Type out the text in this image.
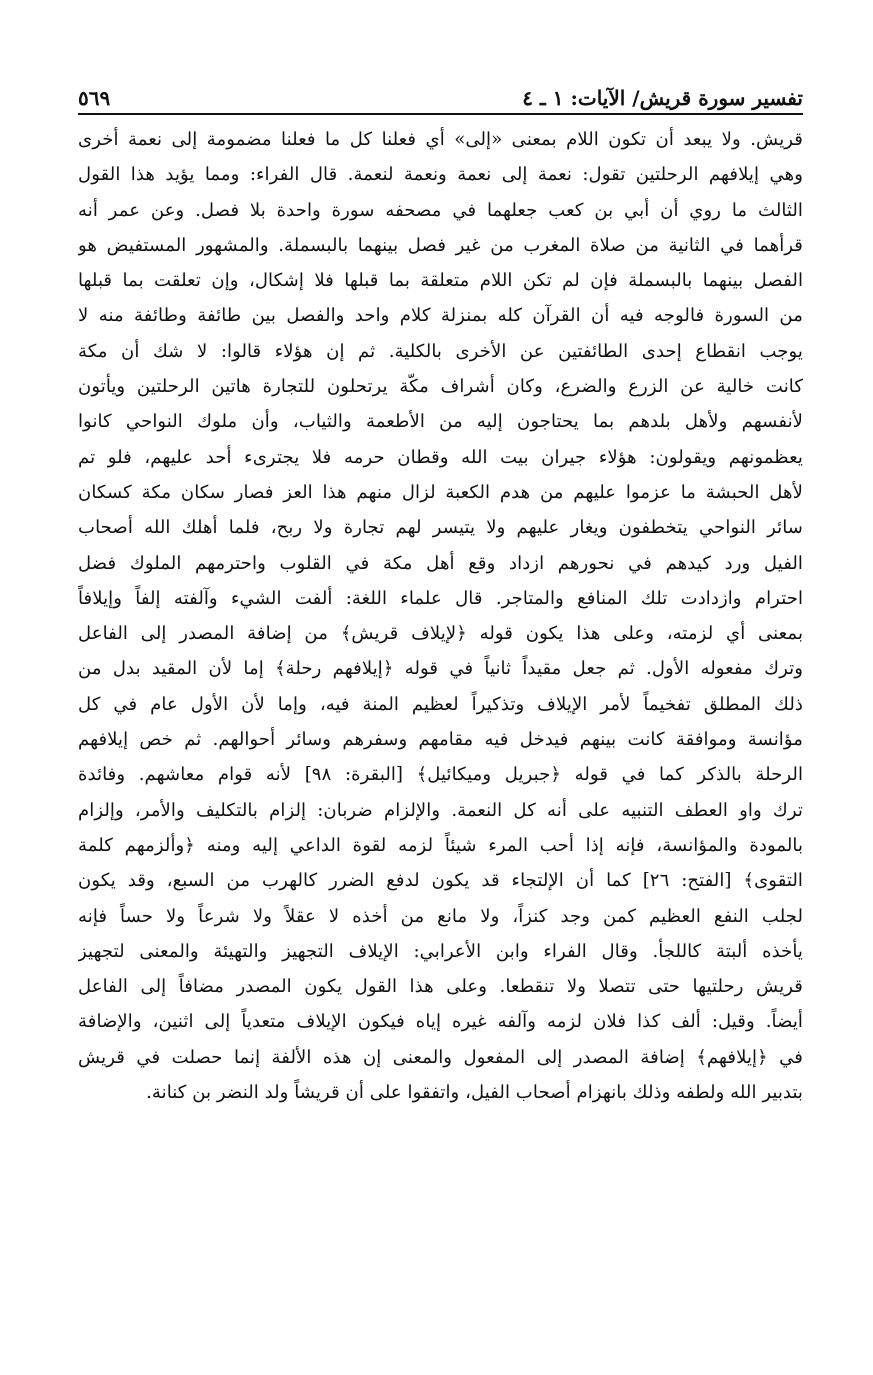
تفسير سورة قريش/ الآيات: ١ ـ ٤
٥٦٩
قريش. ولا يبعد أن تكون اللام بمعنى «إلى» أي فعلنا كل ما فعلنا مضمومة إلى نعمة أخرى
وهي إيلافهم الرحلتين تقول: نعمة إلى نعمة ونعمة لنعمة. قال الفراء: ومما يؤيد هذا القول
الثالث ما روي أن أبي بن كعب جعلهما في مصحفه سورة واحدة بلا فصل. وعن عمر أنه
قرأهما في الثانية من صلاة المغرب من غير فصل بينهما بالبسملة. والمشهور المستفيض هو
الفصل بينهما بالبسملة فإن لم تكن اللام متعلقة بما قبلها فلا إشكال، وإن تعلقت بما قبلها
من السورة فالوجه فيه أن القرآن كله بمنزلة كلام واحد والفصل بين طائفة وطائفة منه لا
يوجب انقطاع إحدى الطائفتين عن الأخرى بالكلية. ثم إن هؤلاء قالوا: لا شك أن مكة
كانت خالية عن الزرع والضرع، وكان أشراف مكّة يرتحلون للتجارة هاتين الرحلتين ويأتون
لأنفسهم ولأهل بلدهم بما يحتاجون إليه من الأطعمة والثياب، وأن ملوك النواحي كانوا
يعظمونهم ويقولون: هؤلاء جيران بيت الله وقطان حرمه فلا يجترىء أحد عليهم، فلو تم
لأهل الحبشة ما عزموا عليهم من هدم الكعبة لزال منهم هذا العز فصار سكان مكة كسكان
سائر النواحي يتخطفون ويغار عليهم ولا يتيسر لهم تجارة ولا ربح، فلما أهلك الله أصحاب
الفيل ورد كيدهم في نحورهم ازداد وقع أهل مكة في القلوب واحترمهم الملوك فضل
احترام وازدادت تلك المنافع والمتاجر. قال علماء اللغة: ألفت الشيء وآلفته إلفاً وإيلافاً
بمعنى أي لزمته، وعلى هذا يكون قوله ﴿لإيلاف قريش﴾ من إضافة المصدر إلى الفاعل
وترك مفعوله الأول. ثم جعل مقيداً ثانياً في قوله ﴿إيلافهم رحلة﴾ إما لأن المقيد بدل من
ذلك المطلق تفخيماً لأمر الإيلاف وتذكيراً لعظيم المنة فيه، وإما لأن الأول عام في كل
مؤانسة وموافقة كانت بينهم فيدخل فيه مقامهم وسفرهم وسائر أحوالهم. ثم خص إيلافهم
الرحلة بالذكر كما في قوله ﴿جبريل وميكائيل﴾ [البقرة: ٩٨] لأنه قوام معاشهم. وفائدة
ترك واو العطف التنبيه على أنه كل النعمة. والإلزام ضربان: إلزام بالتكليف والأمر، وإلزام
بالمودة والمؤانسة، فإنه إذا أحب المرء شيئاً لزمه لقوة الداعي إليه ومنه ﴿وألزمهم كلمة
التقوى﴾ [الفتح: ٢٦] كما أن الإلتجاء قد يكون لدفع الضرر كالهرب من السبع، وقد يكون
لجلب النفع العظيم كمن وجد كنزاً، ولا مانع من أخذه لا عقلاً ولا شرعاً ولا حساً فإنه
يأخذه ألبتة كاللجأ. وقال الفراء وابن الأعرابي: الإيلاف التجهيز والتهيئة والمعنى لتجهيز
قريش رحلتيها حتى تتصلا ولا تنقطعا. وعلى هذا القول يكون المصدر مضافاً إلى الفاعل
أيضاً. وقيل: ألف كذا فلان لزمه وآلفه غيره إياه فيكون الإيلاف متعدياً إلى اثنين، والإضافة
في ﴿إيلافهم﴾ إضافة المصدر إلى المفعول والمعنى إن هذه الألفة إنما حصلت في قريش
بتدبير الله ولطفه وذلك بانهزام أصحاب الفيل، واتفقوا على أن قريشاً ولد النضر بن كنانة.
